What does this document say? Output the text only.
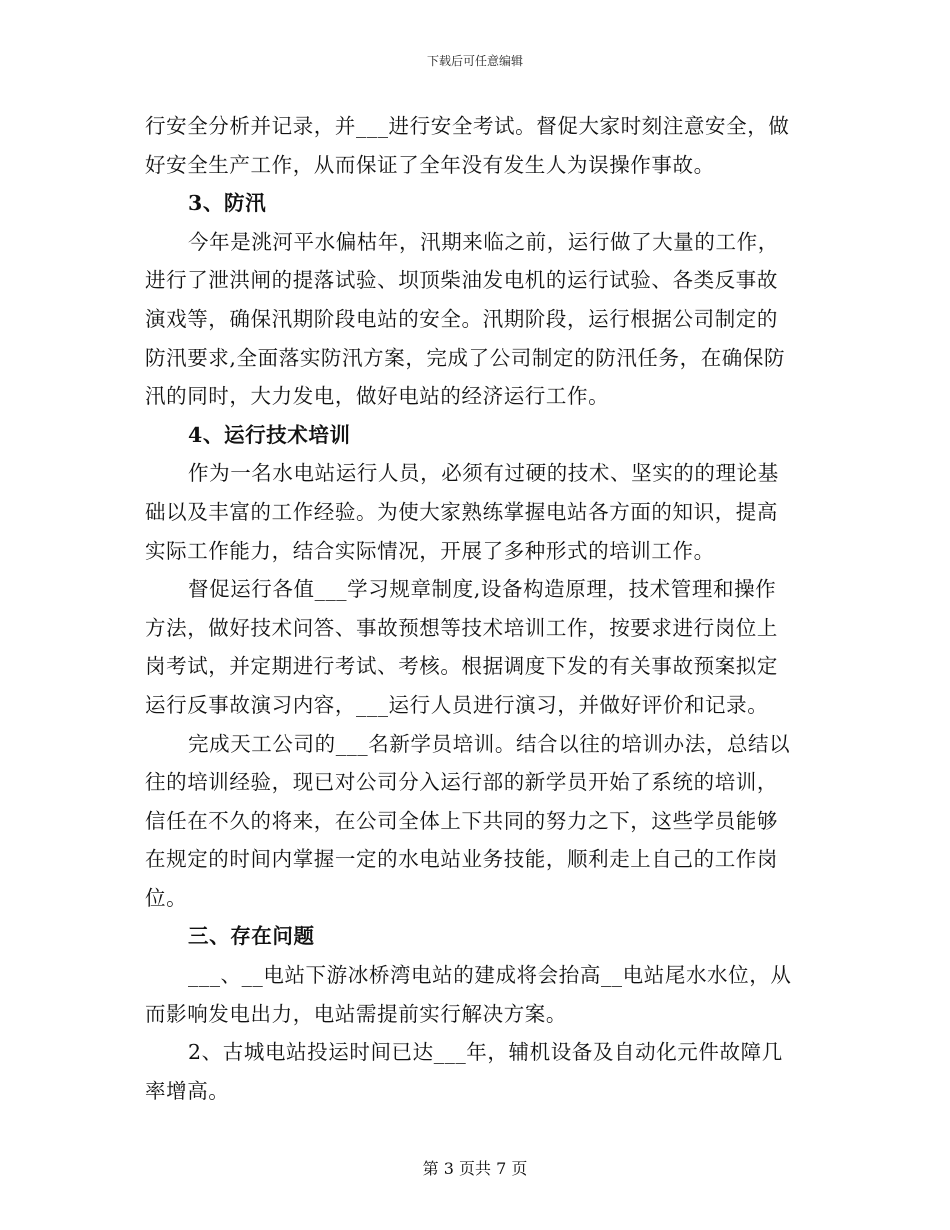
下载后可任意编辑
行安全分析并记录，并___进行安全考试。督促大家时刻注意安全，做
好安全生产工作，从而保证了全年没有发生人为误操作事故。
3、防汛
今年是洮河平水偏枯年，汛期来临之前，运行做了大量的工作，
进行了泄洪闸的提落试验、坝顶柴油发电机的运行试验、各类反事故
演戏等，确保汛期阶段电站的安全。汛期阶段，运行根据公司制定的
防汛要求,全面落实防汛方案，完成了公司制定的防汛任务，在确保防
汛的同时，大力发电，做好电站的经济运行工作。
4、运行技术培训
作为一名水电站运行人员，必须有过硬的技术、坚实的的理论基
础以及丰富的工作经验。为使大家熟练掌握电站各方面的知识，提高
实际工作能力，结合实际情况，开展了多种形式的培训工作。
督促运行各值___学习规章制度,设备构造原理，技术管理和操作
方法，做好技术问答、事故预想等技术培训工作，按要求进行岗位上
岗考试，并定期进行考试、考核。根据调度下发的有关事故预案拟定
运行反事故演习内容，___运行人员进行演习，并做好评价和记录。
完成天工公司的___名新学员培训。结合以往的培训办法，总结以
往的培训经验，现已对公司分入运行部的新学员开始了系统的培训，
信任在不久的将来，在公司全体上下共同的努力之下，这些学员能够
在规定的时间内掌握一定的水电站业务技能，顺利走上自己的工作岗
位。
三、存在问题
___、__电站下游冰桥湾电站的建成将会抬高__电站尾水水位，从
而影响发电出力，电站需提前实行解决方案。
2、古城电站投运时间已达___年，辅机设备及自动化元件故障几
率增高。
第 3 页共 7 页
